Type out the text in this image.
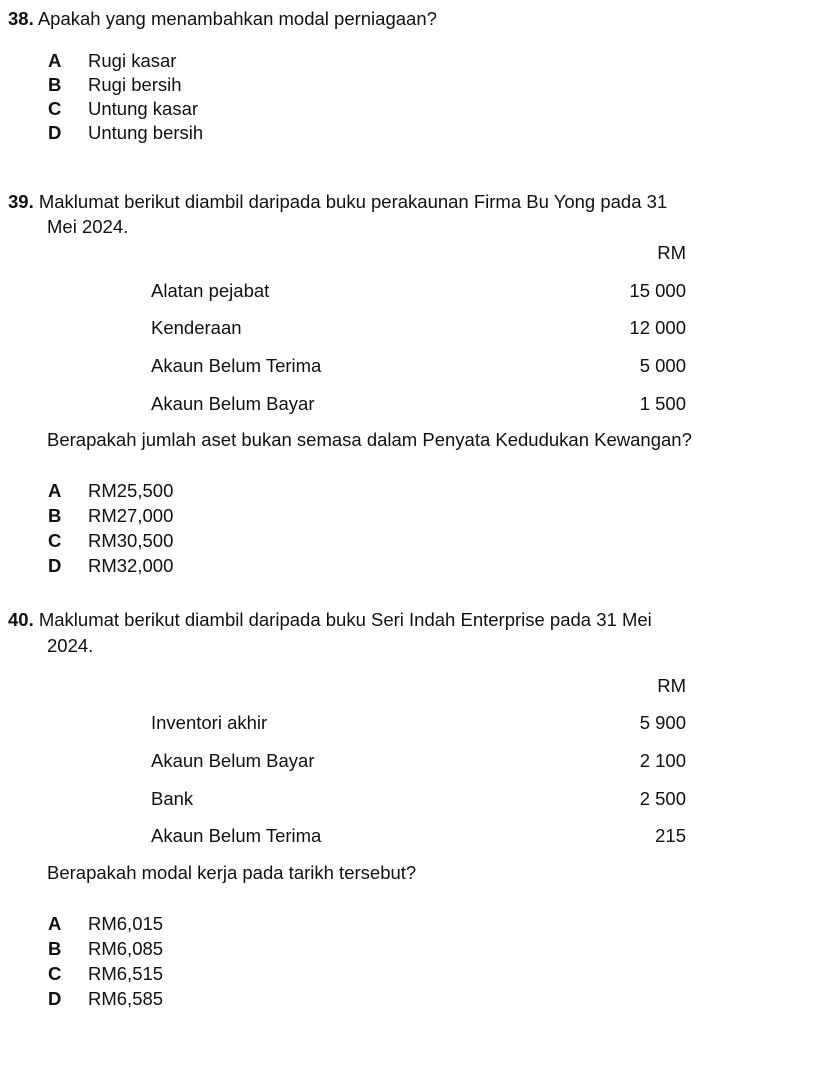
38. Apakah yang menambahkan modal perniagaan?
A Rugi kasar
B Rugi bersih
C Untung kasar
D Untung bersih
39. Maklumat berikut diambil daripada buku perakaunan Firma Bu Yong pada 31
Mei 2024.
RM
Alatan pejabat	15 000
Kenderaan	12 000
Akaun Belum Terima	5 000
Akaun Belum Bayar	1 500
Berapakah jumlah aset bukan semasa dalam Penyata Kedudukan Kewangan?
A RM25,500
B RM27,000
C RM30,500
D RM32,000
40. Maklumat berikut diambil daripada buku Seri Indah Enterprise pada 31 Mei
2024.
RM
Inventori akhir	5 900
Akaun Belum Bayar	2 100
Bank	2 500
Akaun Belum Terima	215
Berapakah modal kerja pada tarikh tersebut?
A RM6,015
B RM6,085
C RM6,515
D RM6,585
